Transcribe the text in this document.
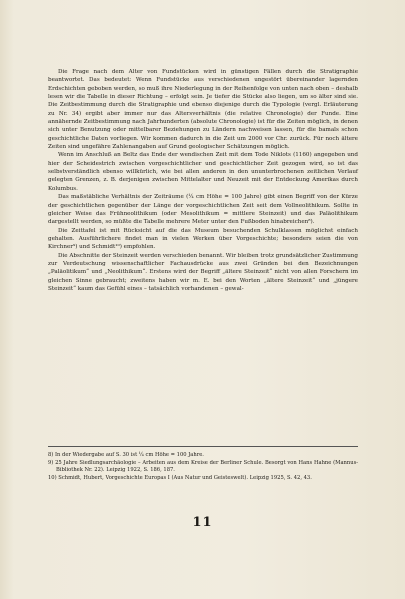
Die Frage nach dem Alter von Fundstücken wird in günstigen Fällen durch die Stratigraphie beantwortet. Das bedeutet: Wenn Fundstücke aus verschiedenen ungestört übereinander lagernden Erdschichten geboben werden, so muß ihre Niederlegung in der Reihenfolge von unten nach oben – deshalb lesen wir die Tabelle in dieser Richtung – erfolgt sein. Je tiefer die Stücke also liegen, um so älter sind sie. Die Zeitbestimmung durch die Stratigraphie und ebenso diejenige durch die Typologie (vergl. Erläuterung zu Nr. 34) ergibt aber immer nur das Altersverhältnis (die relative Chronologie) der Funde. Eine annähernde Zeitbestimmung nach Jahrhunderten (absolute Chronologie) ist für die Zeiten möglich, in denen sich unter Benutzung oder mittelbarer Beziehungen zu Ländern nachweisen lassen, für die bamals schon geschichtliche Daten vorliegen. Wir kommen dadurch in die Zeit um 2000 vor Chr. zurück. Für noch ältere Zeiten sind ungefähre Zahlenangaben auf Grund geologischer Schätzungen möglich.

Wenn im Anschluß an Beltz das Ende der wendischen Zeit mit dem Tode Niklots (1160) angegeben und hier der Scheidestrich zwischen vorgeschichtlicher und geschichtlicher Zeit gezogen wird, so ist das selbstverständlich ebenso willkürlich, wie bei allen anderen in den ununterbrochenen zeitlichen Verlauf gelegten Grenzen, z. B. derjenigen zwischen Mittelalter und Neuzeit mit der Entdeckung Amerikas durch Kolumbus.

Das maßstäbliche Verhältnis der Zeiträume (¼ cm Höhe = 100 Jahre) gibt einen Begriff von der Kürze der geschichtlichen gegenüber der Länge der vorgeschichtlichen Zeit seit dem Vollneolithikum. Sollte in gleicher Weise das Frühneolithikum (oder Mesolithikum = mittlere Steinzeit) und das Paläolithikum dargestellt werden, so müßte die Tabelle mehrere Meter unter den Fußboden hinabreichen⁸).

Die Zeittafel ist mit Rücksicht auf die das Museum besuchenden Schulklassen möglichst einfach gehalten. Ausführlichere findet man in vielen Werken über Vorgeschichte; besonders seien die von Kirchner⁹) und Schmidt¹⁰) empfohlen.

Die Abschnitte der Steinzeit werden verschieden benannt. Wir bleiben trotz grundsätzlicher Zustimmung zur Verdeutschung wissenschaftlicher Fachausdrücke aus zwei Gründen bei den Bezeichnungen „Paläolitikum“ und „Neolithikum“. Erstens wird der Begriff „ältere Steinzeit“ nicht von allen Forschern im gleichen Sinne gebraucht; zweitens haben wir m. E. bei den Worten „ältere Steinzeit“ und „jüngere Steinzeit“ kaum das Gefühl eines – tatsächlich vorhandenen – gewal-

8) In der Wiedergabe auf S. 30 ist ¼ cm Höhe = 100 Jahre.

9) 25 Jahre Siedlungsarchäologie – Arbeiten aus dem Kreise der Berliner Schule. Besorgt von Hans Hahne (Mannus-Bibliothek Nr. 22). Leipzig 1922, S. 186, 187.

10) Schmidt, Hubert, Vorgeschichte Europas I (Aus Natur und Geisteswelt). Leipzig 1925, S. 42, 43.

11
